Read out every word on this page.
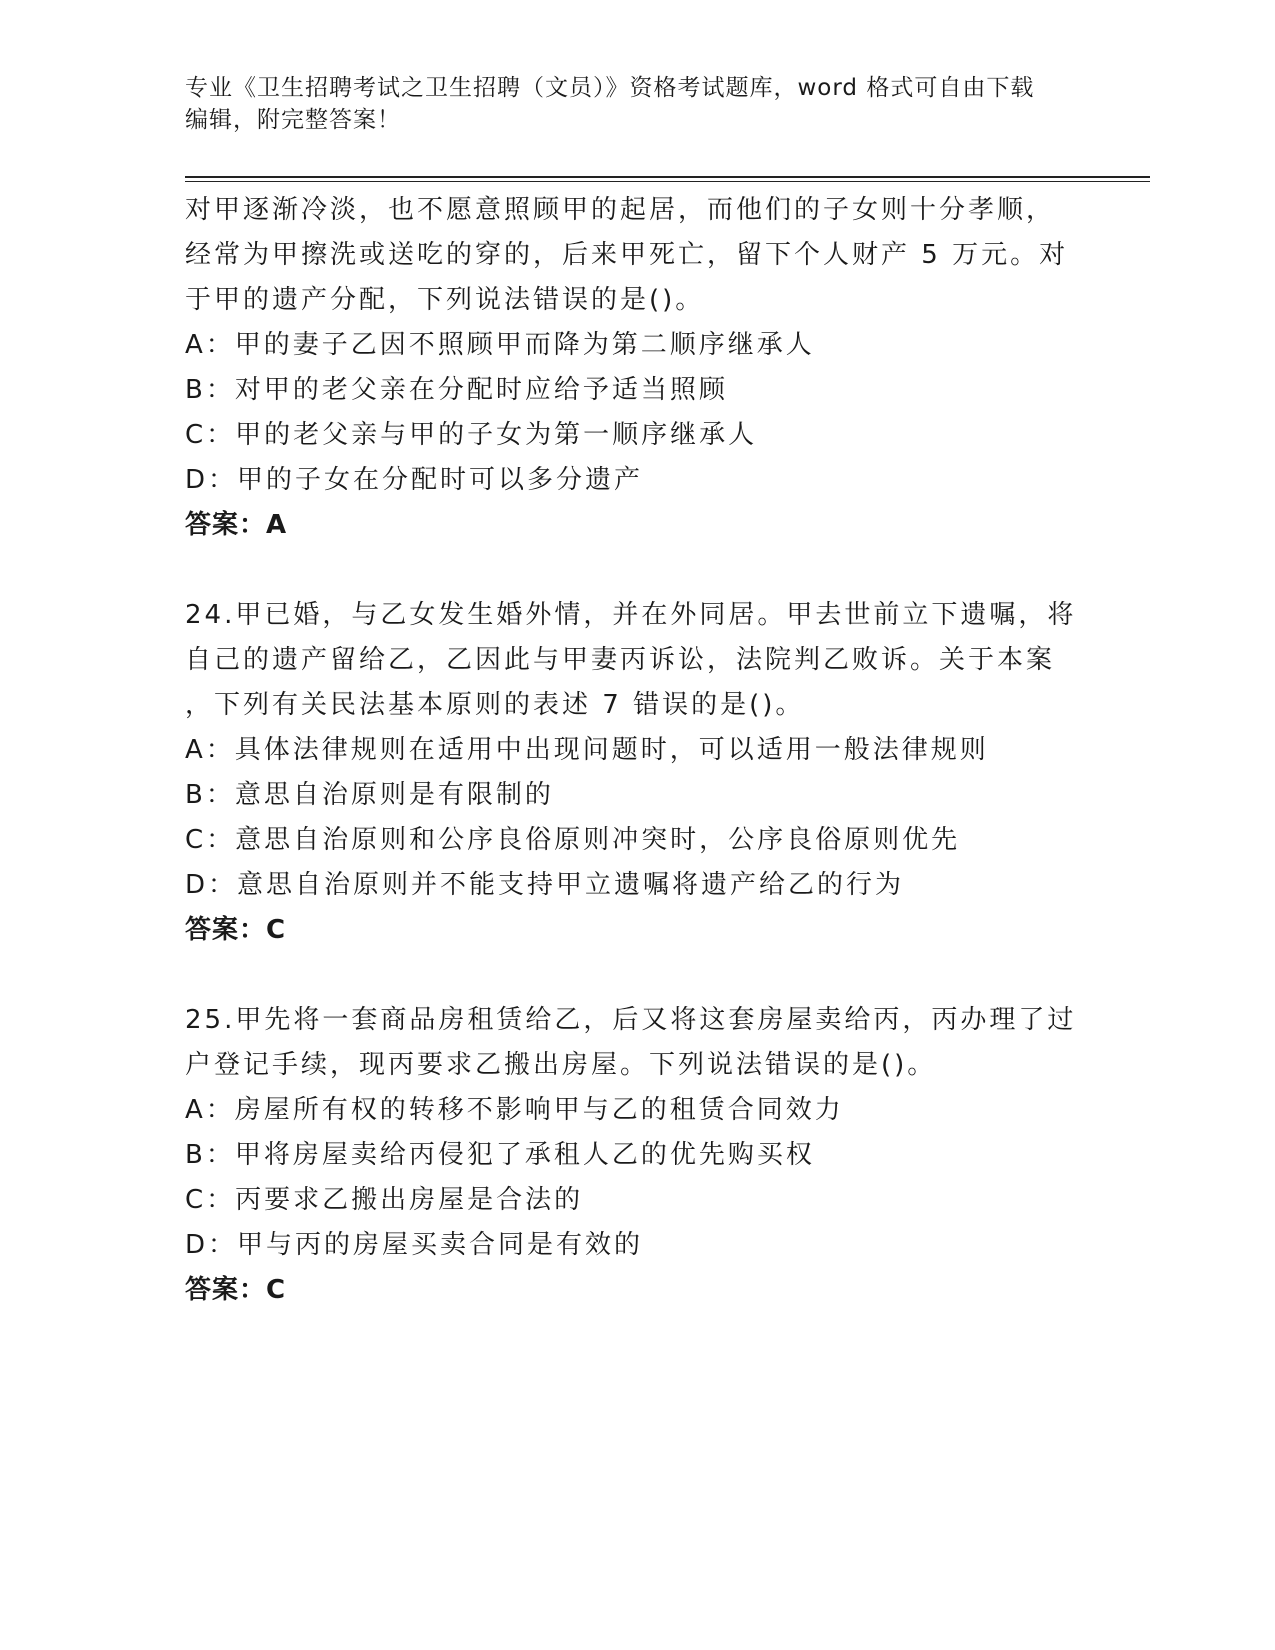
专业《卫生招聘考试之卫生招聘（文员）》资格考试题库，word 格式可自由下载
编辑，附完整答案！
对甲逐渐冷淡，也不愿意照顾甲的起居，而他们的子女则十分孝顺，
经常为甲擦洗或送吃的穿的，后来甲死亡，留下个人财产 5 万元。对
于甲的遗产分配，下列说法错误的是()。
A：甲的妻子乙因不照顾甲而降为第二顺序继承人
B：对甲的老父亲在分配时应给予适当照顾
C：甲的老父亲与甲的子女为第一顺序继承人
D：甲的子女在分配时可以多分遗产
答案：A
24.甲已婚，与乙女发生婚外情，并在外同居。甲去世前立下遗嘱，将
自己的遗产留给乙，乙因此与甲妻丙诉讼，法院判乙败诉。关于本案
，下列有关民法基本原则的表述 7 错误的是()。
A：具体法律规则在适用中出现问题时，可以适用一般法律规则
B：意思自治原则是有限制的
C：意思自治原则和公序良俗原则冲突时，公序良俗原则优先
D：意思自治原则并不能支持甲立遗嘱将遗产给乙的行为
答案：C
25.甲先将一套商品房租赁给乙，后又将这套房屋卖给丙，丙办理了过
户登记手续，现丙要求乙搬出房屋。下列说法错误的是()。
A：房屋所有权的转移不影响甲与乙的租赁合同效力
B：甲将房屋卖给丙侵犯了承租人乙的优先购买权
C：丙要求乙搬出房屋是合法的
D：甲与丙的房屋买卖合同是有效的
答案：C
